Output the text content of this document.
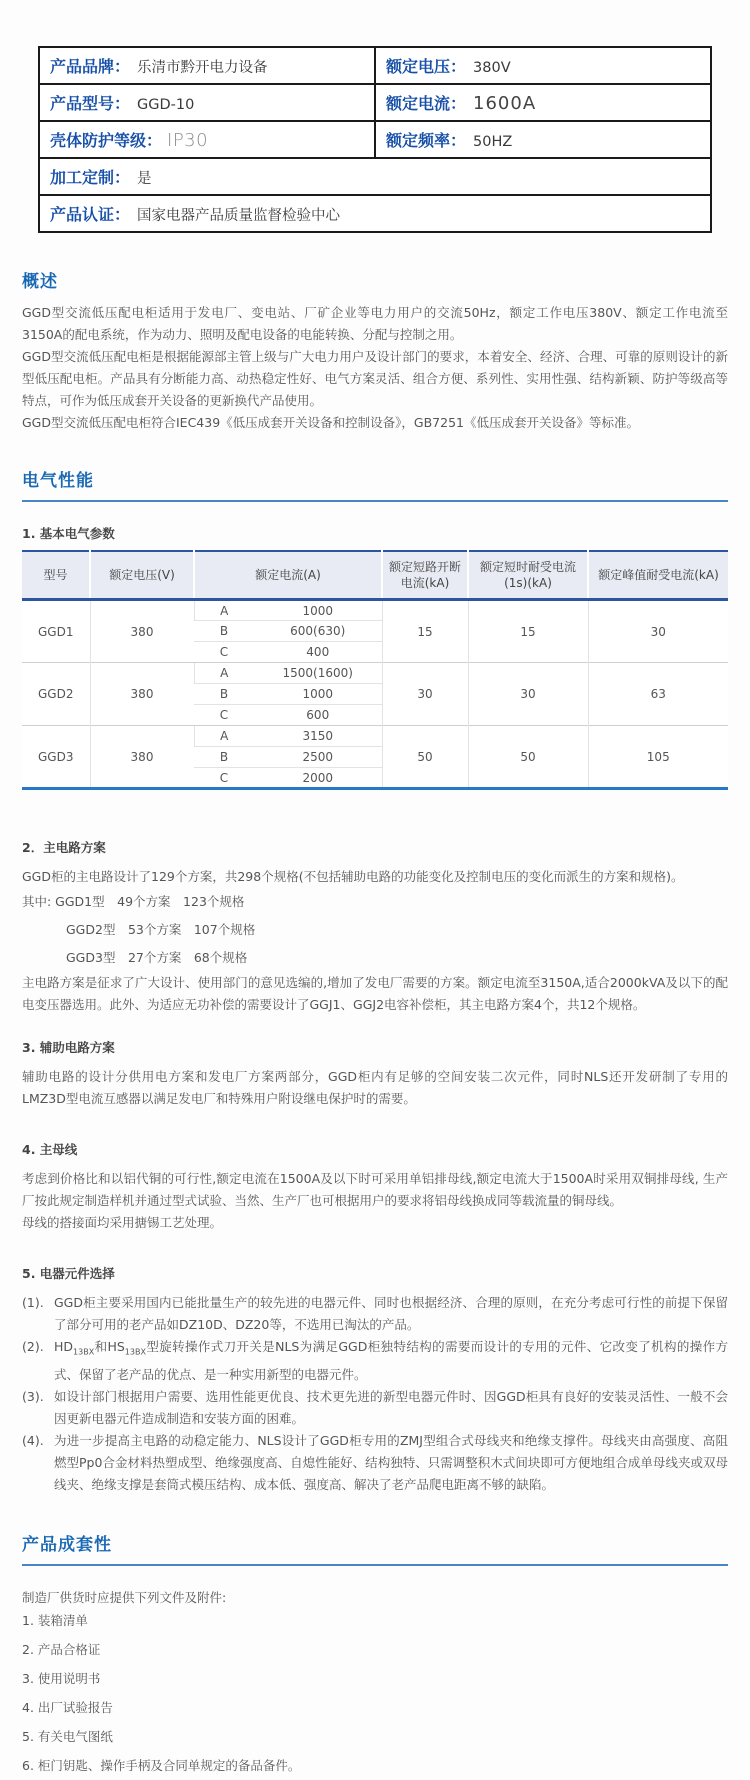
产品品牌： 乐清市黔开电力设备	额定电压： 380V
产品型号： GGD-10	额定电流： 1600A
壳体防护等级： IP30	额定频率： 50HZ
加工定制： 是	
产品认证： 国家电器产品质量监督检验中心	
概述

GGD型交流低压配电柜适用于发电厂、变电站、厂矿企业等电力用户的交流50Hz，额定工作电压380V、额定工作电流至3150A的配电系统，作为动力、照明及配电设备的电能转换、分配与控制之用。

GGD型交流低压配电柜是根据能源部主管上级与广大电力用户及设计部门的要求，本着安全、经济、合理、可靠的原则设计的新型低压配电柜。产品具有分断能力高、动热稳定性好、电气方案灵活、组合方便、系列性、实用性强、结构新颖、防护等级高等特点，可作为低压成套开关设备的更新换代产品使用。

GGD型交流低压配电柜符合IEC439《低压成套开关设备和控制设备》，GB7251《低压成套开关设备》等标准。

电气性能
1. 基本电气参数
型号	额定电压(V)	额定电流(A)		额定短路开断电流(kA)	额定短时耐受电流(1s)(kA)	额定峰值耐受电流(kA)
GGD1	380	A	1000	15	15	30
		B	600(630)			
		C	400			
GGD2	380	A	1500(1600)	30	30	63
		B	1000			
		C	600			
GGD3	380	A	3150	50	50	105
		B	2500			
		C	2000			
2．主电路方案

GGD柜的主电路设计了129个方案，共298个规格(不包括辅助电路的功能变化及控制电压的变化而派生的方案和规格)。

其中: GGD1型　49个方案　123个规格
GGD2型　53个方案　107个规格
GGD3型　27个方案　68个规格

主电路方案是征求了广大设计、使用部门的意见选编的,增加了发电厂需要的方案。额定电流至3150A,适合2000kVA及以下的配电变压器选用。此外、为适应无功补偿的需要设计了GGJ1、GGJ2电容补偿柜，其主电路方案4个，共12个规格。

3. 辅助电路方案

辅助电路的设计分供用电方案和发电厂方案两部分，GGD柜内有足够的空间安装二次元件，同时NLS还开发研制了专用的LMZ3D型电流互感器以满足发电厂和特殊用户附设继电保护时的需要。

4. 主母线

考虑到价格比和以铝代铜的可行性,额定电流在1500A及以下时可采用单铝排母线,额定电流大于1500A时采用双铜排母线, 生产厂按此规定制造样机并通过型式试验、当然、生产厂也可根据用户的要求将铝母线换成同等载流量的铜母线。

母线的搭接面均采用搪锡工艺处理。

5. 电器元件选择
(1). GGD柜主要采用国内已能批量生产的较先进的电器元件、同时也根据经济、合理的原则，在充分考虑可行性的前提下保留了部分可用的老产品如DZ10D、DZ20等，不选用已淘汰的产品。
(2). $HD_{13BX}$和$HS_{13BX}$型旋转操作式刀开关是NLS为满足GGD柜独特结构的需要而设计的专用的元件、它改变了机构的操作方式、保留了老产品的优点、是一种实用新型的电器元件。
(3). 如设计部门根据用户需要、选用性能更优良、技术更先进的新型电器元件时、因GGD柜具有良好的安装灵活性、一般不会因更新电器元件造成制造和安装方面的困难。
(4). 为进一步提高主电路的动稳定能力、NLS设计了GGD柜专用的ZMJ型组合式母线夹和绝缘支撑件。母线夹由高强度、高阻燃型Pp0合金材料热塑成型、绝缘强度高、自熄性能好、结构独特、只需调整积木式间块即可方便地组合成单母线夹或双母线夹、绝缘支撑是套筒式模压结构、成本低、强度高、解决了老产品爬电距离不够的缺陷。
产品成套性
制造厂供货时应提供下列文件及附件:
1. 装箱清单
2. 产品合格证
3. 使用说明书
4. 出厂试验报告
5. 有关电气图纸
6. 柜门钥匙、操作手柄及合同单规定的备品备件。
